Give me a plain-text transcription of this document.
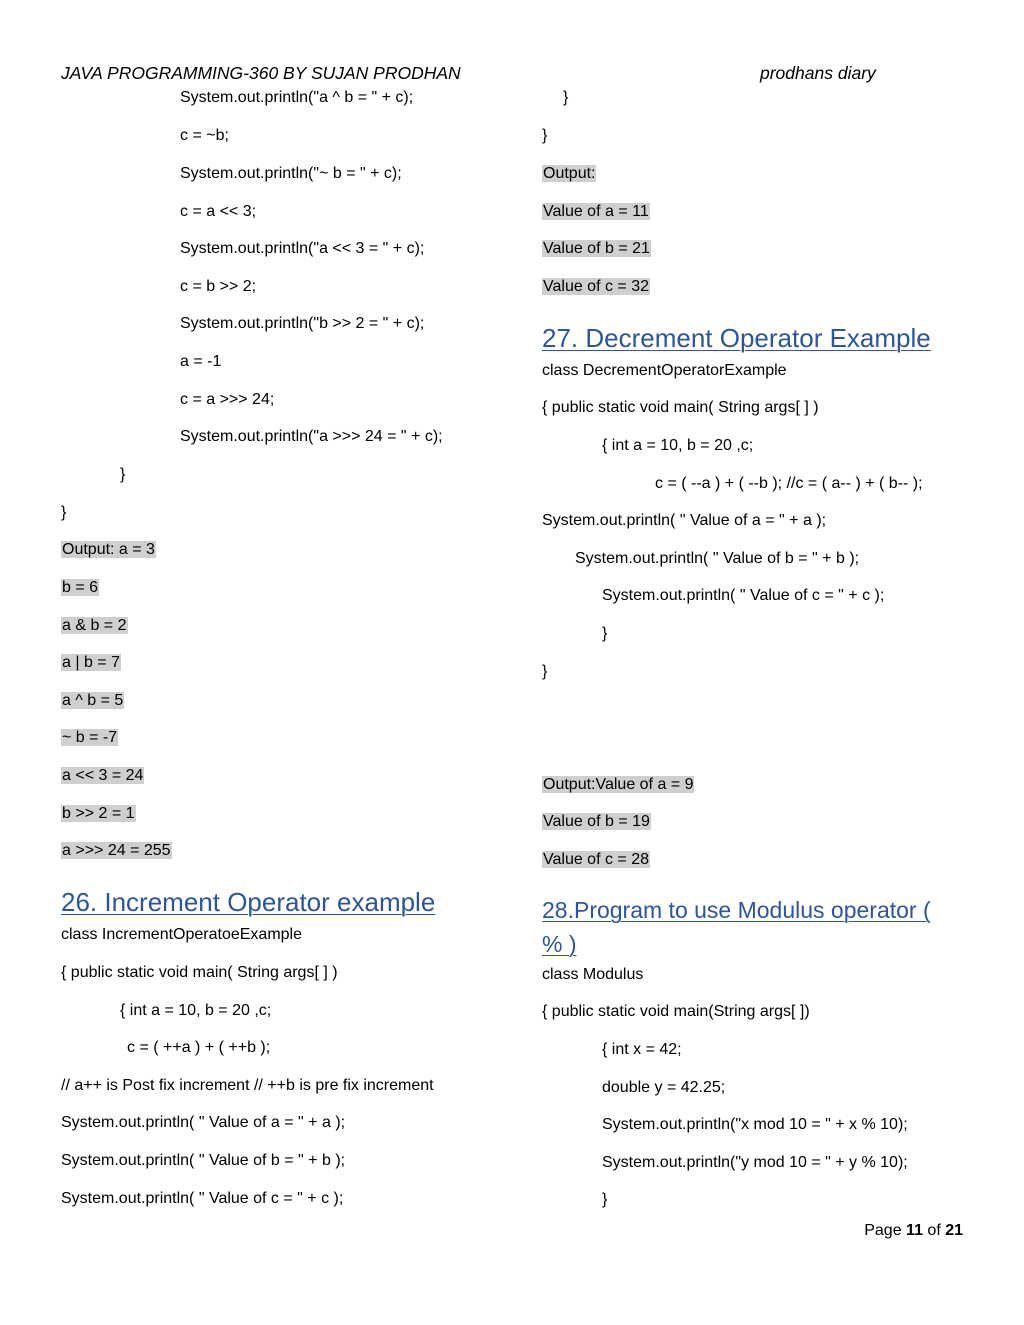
JAVA PROGRAMMING-360 BY SUJAN PRODHAN	prodhans diary
System.out.println("a ^ b = " + c);
c = ~b;
System.out.println("~ b = " + c);
c = a << 3;
System.out.println("a << 3 = " + c);
c = b >> 2;
System.out.println("b >> 2 = " + c);
a = -1
c = a >>> 24;
System.out.println("a >>> 24 = " + c);
}
}
Output: a = 3
b = 6
a & b = 2
a | b = 7
a ^ b = 5
~ b = -7
a << 3 = 24
b >> 2 = 1
a >>> 24 = 255
26. Increment Operator example
class IncrementOperatoeExample
{ public static void main( String args[ ] )
{ int a = 10, b = 20 ,c;
c = ( ++a ) + ( ++b );
// a++ is Post fix increment // ++b is pre fix increment
System.out.println( " Value of a = " + a );
System.out.println( " Value of b = " + b );
System.out.println( " Value of c = " + c );
}
}
Output:
Value of a = 11
Value of b = 21
Value of c = 32
27. Decrement Operator Example
class DecrementOperatorExample
{ public static void main( String args[ ] )
{ int a = 10, b = 20 ,c;
c = ( --a ) + ( --b ); //c = ( a-- ) + ( b-- );
System.out.println( " Value of a = " + a );
System.out.println( " Value of b = " + b );
System.out.println( " Value of c = " + c );
}
}
Output:Value of a = 9
Value of b = 19
Value of c = 28
28.Program to use Modulus operator (
% )
class Modulus
{ public static void main(String args[ ])
{ int x = 42;
double y = 42.25;
System.out.println("x mod 10 = " + x % 10);
System.out.println("y mod 10 = " + y % 10);
}
Page 11 of 21
